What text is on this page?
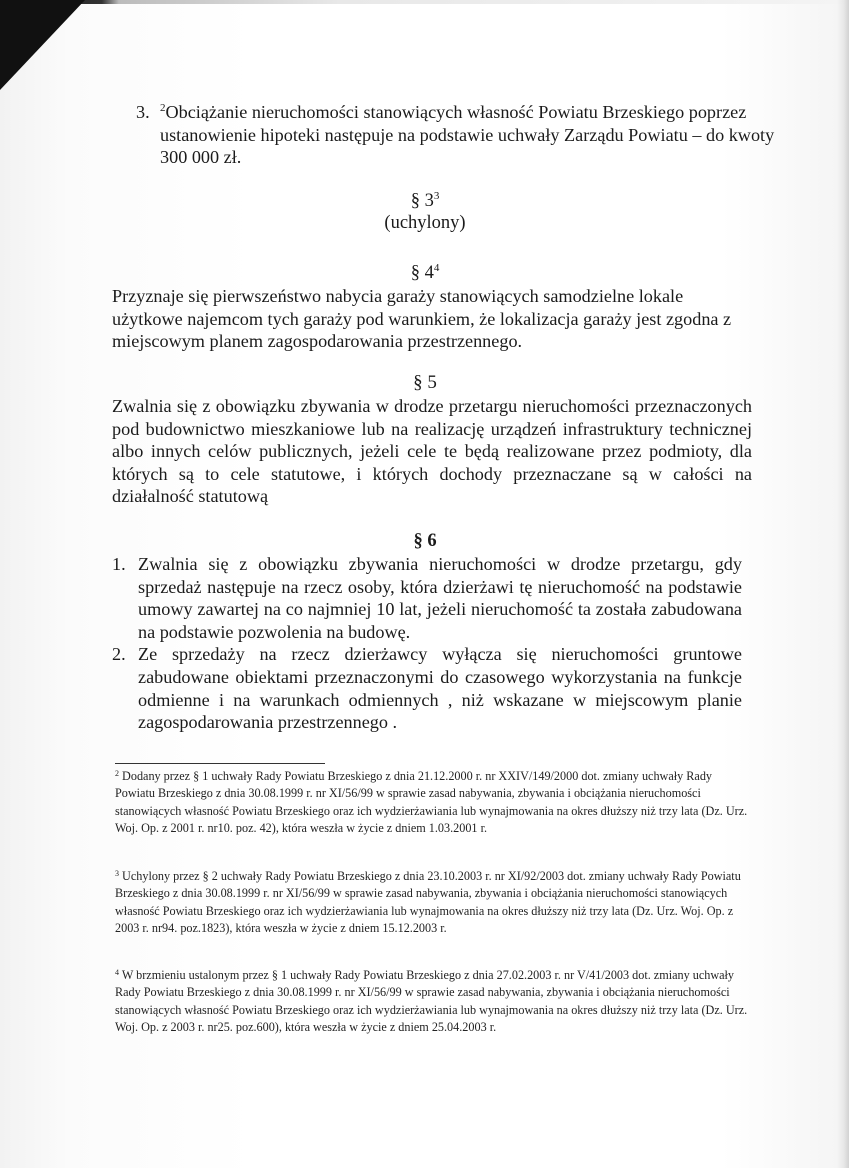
3. $^2$Obciążanie nieruchomości stanowiących własność Powiatu Brzeskiego poprzez ustanowienie hipoteki następuje na podstawie uchwały Zarządu Powiatu – do kwoty 300 000 zł.
§ $3^3$
(uchylony)
§ $4^4$
Przyznaje się pierwszeństwo nabycia garaży stanowiących samodzielne lokale użytkowe najemcom tych garaży pod warunkiem, że lokalizacja garaży jest zgodna z miejscowym planem zagospodarowania przestrzennego.
§ 5
Zwalnia się z obowiązku zbywania w drodze przetargu nieruchomości przeznaczonych pod budownictwo mieszkaniowe lub na realizację urządzeń infrastruktury technicznej albo innych celów publicznych, jeżeli cele te będą realizowane przez podmioty, dla których są to cele statutowe, i których dochody przeznaczane są w całości na działalność statutową
§ 6
1. Zwalnia się z obowiązku zbywania nieruchomości w drodze przetargu, gdy sprzedaż następuje na rzecz osoby, która dzierżawi tę nieruchomość na podstawie umowy zawartej na co najmniej 10 lat, jeżeli nieruchomość ta została zabudowana na podstawie pozwolenia na budowę.
2. Ze sprzedaży na rzecz dzierżawcy wyłącza się nieruchomości gruntowe zabudowane obiektami przeznaczonymi do czasowego wykorzystania na funkcje odmienne i na warunkach odmiennych , niż wskazane w miejscowym planie zagospodarowania przestrzennego .
$^2$ Dodany przez § 1 uchwały Rady Powiatu Brzeskiego z dnia 21.12.2000 r. nr XXIV/149/2000 dot. zmiany uchwały Rady Powiatu Brzeskiego z dnia 30.08.1999 r. nr XI/56/99 w sprawie zasad nabywania, zbywania i obciążania nieruchomości stanowiących własność Powiatu Brzeskiego oraz ich wydzierżawiania lub wynajmowania na okres dłuższy niż trzy lata (Dz. Urz. Woj. Op. z 2001 r. nr10. poz. 42), która weszła w życie z dniem 1.03.2001 r.
$^3$ Uchylony przez § 2 uchwały Rady Powiatu Brzeskiego z dnia 23.10.2003 r. nr XI/92/2003 dot. zmiany uchwały Rady Powiatu Brzeskiego z dnia 30.08.1999 r. nr XI/56/99 w sprawie zasad nabywania, zbywania i obciążania nieruchomości stanowiących własność Powiatu Brzeskiego oraz ich wydzierżawiania lub wynajmowania na okres dłuższy niż trzy lata (Dz. Urz. Woj. Op. z 2003 r. nr94. poz.1823), która weszła w życie z dniem 15.12.2003 r.
$^4$ W brzmieniu ustalonym przez § 1 uchwały Rady Powiatu Brzeskiego z dnia 27.02.2003 r. nr V/41/2003 dot. zmiany uchwały Rady Powiatu Brzeskiego z dnia 30.08.1999 r. nr XI/56/99 w sprawie zasad nabywania, zbywania i obciążania nieruchomości stanowiących własność Powiatu Brzeskiego oraz ich wydzierżawiania lub wynajmowania na okres dłuższy niż trzy lata (Dz. Urz. Woj. Op. z 2003 r. nr25. poz.600), która weszła w życie z dniem 25.04.2003 r.
